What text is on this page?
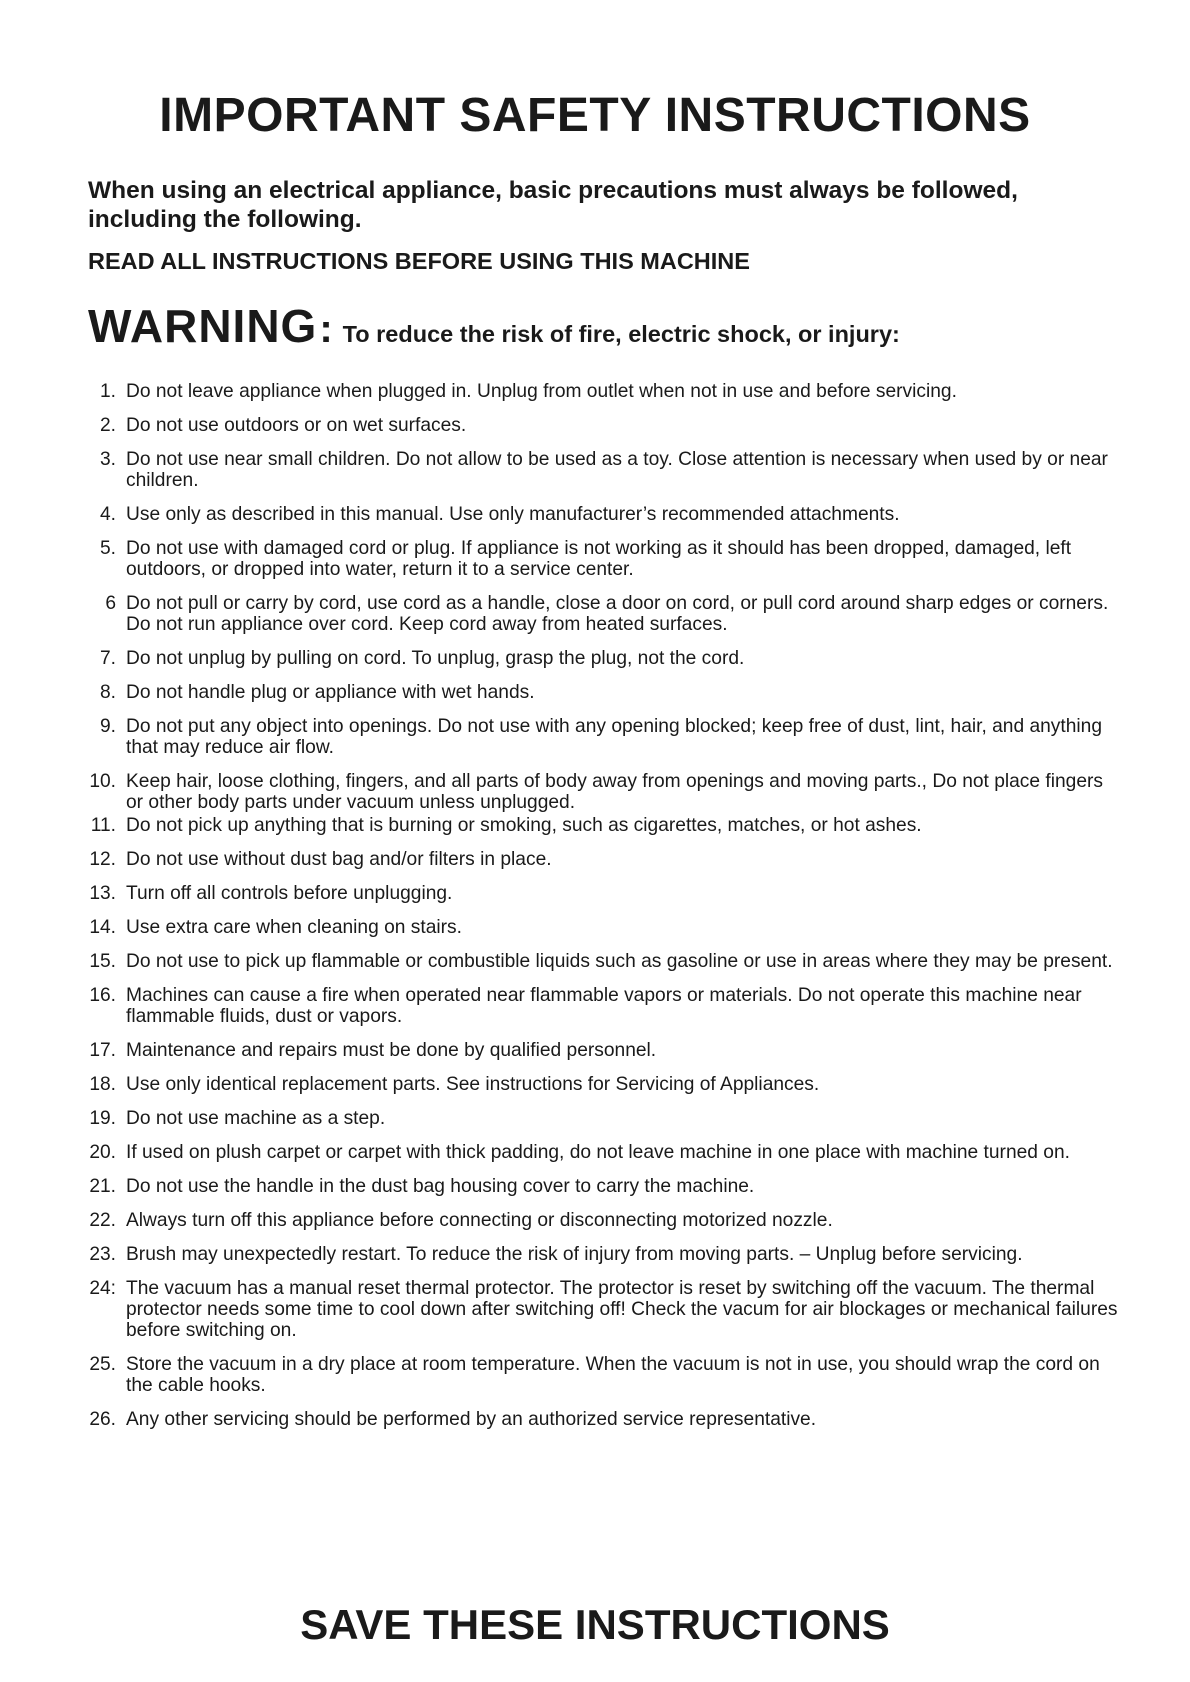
IMPORTANT SAFETY INSTRUCTIONS

When using an electrical appliance, basic precautions must always be followed, including the following.

READ ALL INSTRUCTIONS BEFORE USING THIS MACHINE

WARNING: To reduce the risk of fire, electric shock, or injury:

1. Do not leave appliance when plugged in. Unplug from outlet when not in use and before servicing.
2. Do not use outdoors or on wet surfaces.
3. Do not use near small children. Do not allow to be used as a toy. Close attention is necessary when used by or near children.
4. Use only as described in this manual. Use only manufacturer’s recommended attachments.
5. Do not use with damaged cord or plug. If appliance is not working as it should has been dropped, damaged, left outdoors, or dropped into water, return it to a service center.
6 Do not pull or carry by cord, use cord as a handle, close a door on cord, or pull cord around sharp edges or corners. Do not run appliance over cord. Keep cord away from heated surfaces.
7. Do not unplug by pulling on cord. To unplug, grasp the plug, not the cord.
8. Do not handle plug or appliance with wet hands.
9. Do not put any object into openings. Do not use with any opening blocked; keep free of dust, lint, hair, and anything that may reduce air flow.
10. Keep hair, loose clothing, fingers, and all parts of body away from openings and moving parts., Do not place fingers or other body parts under vacuum unless unplugged.
11. Do not pick up anything that is burning or smoking, such as cigarettes, matches, or hot ashes.
12. Do not use without dust bag and/or filters in place.
13. Turn off all controls before unplugging.
14. Use extra care when cleaning on stairs.
15. Do not use to pick up flammable or combustible liquids such as gasoline or use in areas where they may be present.
16. Machines can cause a fire when operated near flammable vapors or materials. Do not operate this machine near flammable fluids, dust or vapors.
17. Maintenance and repairs must be done by qualified personnel.
18. Use only identical replacement parts. See instructions for Servicing of Appliances.
19. Do not use machine as a step.
20. If used on plush carpet or carpet with thick padding, do not leave machine in one place with machine turned on.
21. Do not use the handle in the dust bag housing cover to carry the machine.
22. Always turn off this appliance before connecting or disconnecting motorized nozzle.
23. Brush may unexpectedly restart. To reduce the risk of injury from moving parts. – Unplug before servicing.
24: The vacuum has a manual reset thermal protector. The protector is reset by switching off the vacuum. The thermal protector needs some time to cool down after switching off! Check the vacum for air blockages or mechanical failures before switching on.
25. Store the vacuum in a dry place at room temperature. When the vacuum is not in use, you should wrap the cord on the cable hooks.
26. Any other servicing should be performed by an authorized service representative.
SAVE THESE INSTRUCTIONS
